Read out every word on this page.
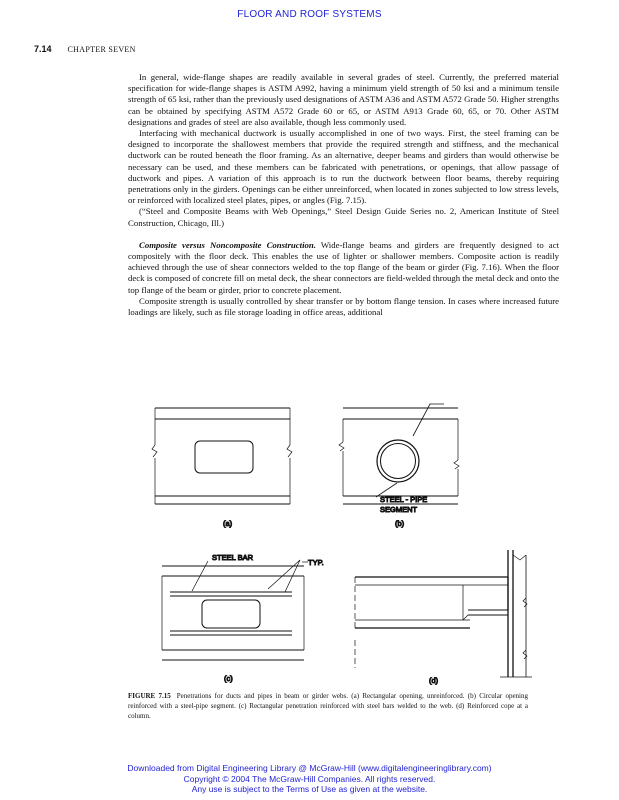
FLOOR AND ROOF SYSTEMS
7.14 CHAPTER SEVEN

In general, wide-flange shapes are readily available in several grades of steel. Currently, the preferred material specification for wide-flange shapes is ASTM A992, having a minimum yield strength of 50 ksi and a minimum tensile strength of 65 ksi, rather than the previously used designations of ASTM A36 and ASTM A572 Grade 50. Higher strengths can be obtained by specifying ASTM A572 Grade 60 or 65, or ASTM A913 Grade 60, 65, or 70. Other ASTM designations and grades of steel are also available, though less commonly used.

Interfacing with mechanical ductwork is usually accomplished in one of two ways. First, the steel framing can be designed to incorporate the shallowest members that provide the required strength and stiffness, and the mechanical ductwork can be routed beneath the floor framing. As an alternative, deeper beams and girders than would otherwise be necessary can be used, and these members can be fabricated with penetrations, or openings, that allow passage of ductwork and pipes. A variation of this approach is to run the ductwork between floor beams, thereby requiring penetrations only in the girders. Openings can be either unreinforced, when located in zones subjected to low stress levels, or reinforced with localized steel plates, pipes, or angles (Fig. 7.15).

(“Steel and Composite Beams with Web Openings,” Steel Design Guide Series no. 2, American Institute of Steel Construction, Chicago, Ill.)

Composite versus Noncomposite Construction. Wide-flange beams and girders are frequently designed to act compositely with the floor deck. This enables the use of lighter or shallower members. Composite action is readily achieved through the use of shear connectors welded to the top flange of the beam or girder (Fig. 7.16). When the floor deck is composed of concrete fill on metal deck, the shear connectors are field-welded through the metal deck and onto the top flange of the beam or girder, prior to concrete placement.

Composite strength is usually controlled by shear transfer or by bottom flange tension. In cases where increased future loadings are likely, such as file storage loading in office areas, additional

(a)
STEEL - PIPE
SEGMENT
(b)
STEEL BAR
TYP.
(c)	(d)
FIGURE 7.15 Penetrations for ducts and pipes in beam or girder webs. (a) Rectangular opening, unreinforced. (b) Circular opening reinforced with a steel-pipe segment. (c) Rectangular penetration reinforced with steel bars welded to the web. (d) Reinforced cope at a column.
Downloaded from Digital Engineering Library @ McGraw-Hill (www.digitalengineeringlibrary.com)
Copyright © 2004 The McGraw-Hill Companies. All rights reserved.
Any use is subject to the Terms of Use as given at the website.
